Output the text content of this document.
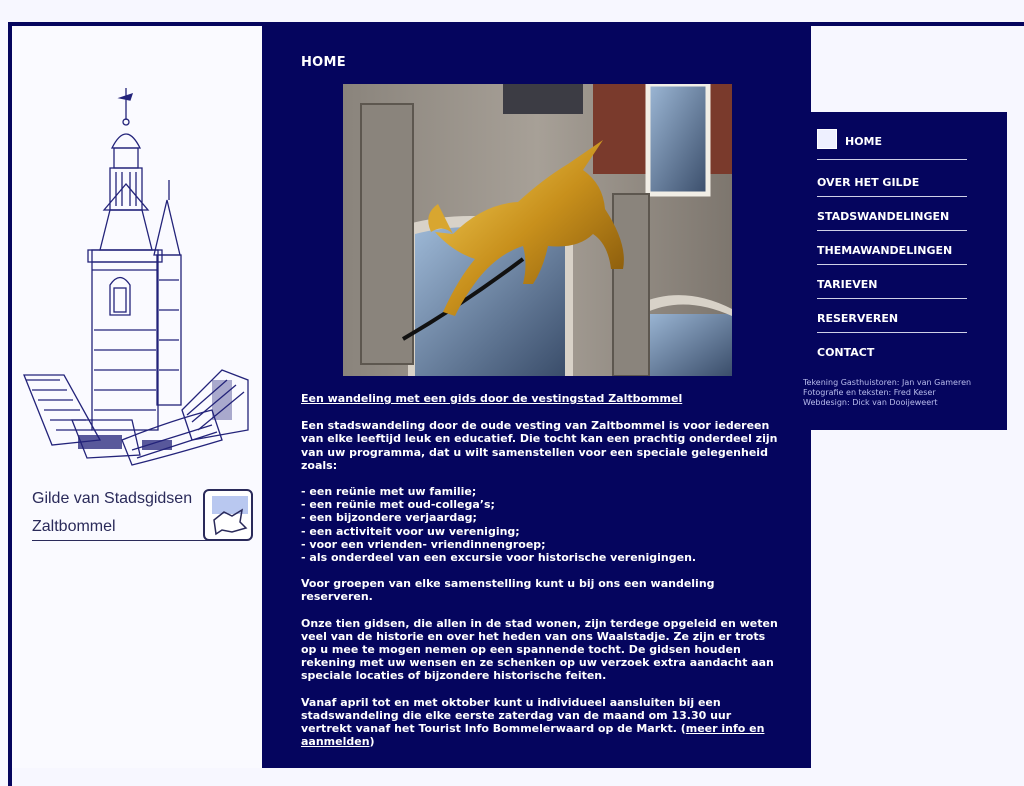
Gilde van Stadsgidsen
Zaltbommel
HOME

Een wandeling met een gids door de vestingstad Zaltbommel

Een stadswandeling door de oude vesting van Zaltbommel is voor iedereen van elke leeftijd leuk en educatief. Die tocht kan een prachtig onderdeel zijn van uw programma, dat u wilt samenstellen voor een speciale gelegenheid zoals:

- een reünie met uw familie;
- een reünie met oud-collega’s;
- een bijzondere verjaardag;
- een activiteit voor uw vereniging;
- voor een vrienden- vriendinnengroep;
- als onderdeel van een excursie voor historische verenigingen.

Voor groepen van elke samenstelling kunt u bij ons een wandeling reserveren.

Onze tien gidsen, die allen in de stad wonen, zijn terdege opgeleid en weten veel van de historie en over het heden van ons Waalstadje. Ze zijn er trots op u mee te mogen nemen op een spannende tocht. De gidsen houden rekening met uw wensen en ze schenken op uw verzoek extra aandacht aan speciale locaties of bijzondere historische feiten.

Vanaf april tot en met oktober kunt u individueel aansluiten bij een stadswandeling die elke eerste zaterdag van de maand om 13.30 uur vertrekt vanaf het Tourist Info Bommelerwaard op de Markt. (meer info en aanmelden)

HOME
OVER HET GILDE
STADSWANDELINGEN
THEMAWANDELINGEN
TARIEVEN
RESERVEREN
CONTACT
Tekening Gasthuistoren: Jan van Gameren
Fotografie en teksten: Fred Keser
Webdesign: Dick van Dooijeweert
